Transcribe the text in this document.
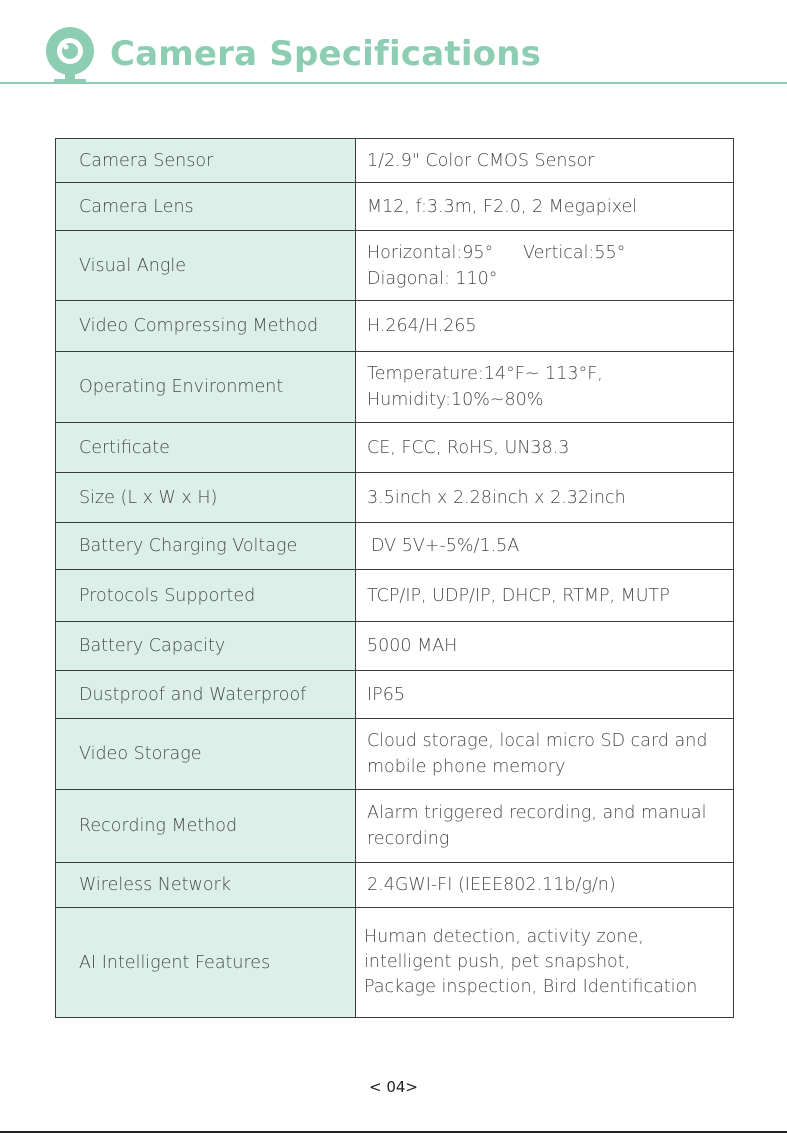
Camera Specifications
Camera Sensor	1/2.9" Color CMOS Sensor
Camera Lens	M12, f:3.3m, F2.0, 2 Megapixel
Visual Angle	Horizontal:95° Vertical:55°
Diagonal: 110°

Video Compressing Method	H.264/H.265
Operating Environment	Temperature:14°F~ 113°F,
Humidity:10%~80%

Certificate	CE, FCC, RoHS, UN38.3
Size (L x W x H)	3.5inch x 2.28inch x 2.32inch
Battery Charging Voltage	DV 5V+-5%/1.5A
Protocols Supported	TCP/IP, UDP/IP, DHCP, RTMP, MUTP
Battery Capacity	5000 MAH
Dustproof and Waterproof	IP65
Video Storage	Cloud storage, local micro SD card and
mobile phone memory

Recording Method	Alarm triggered recording, and manual
recording

Wireless Network	2.4GWI-FI (IEEE802.11b/g/n)
AI Intelligent Features	Human detection, activity zone,
intelligent push, pet snapshot,
Package inspection, Bird Identification
< 04>
